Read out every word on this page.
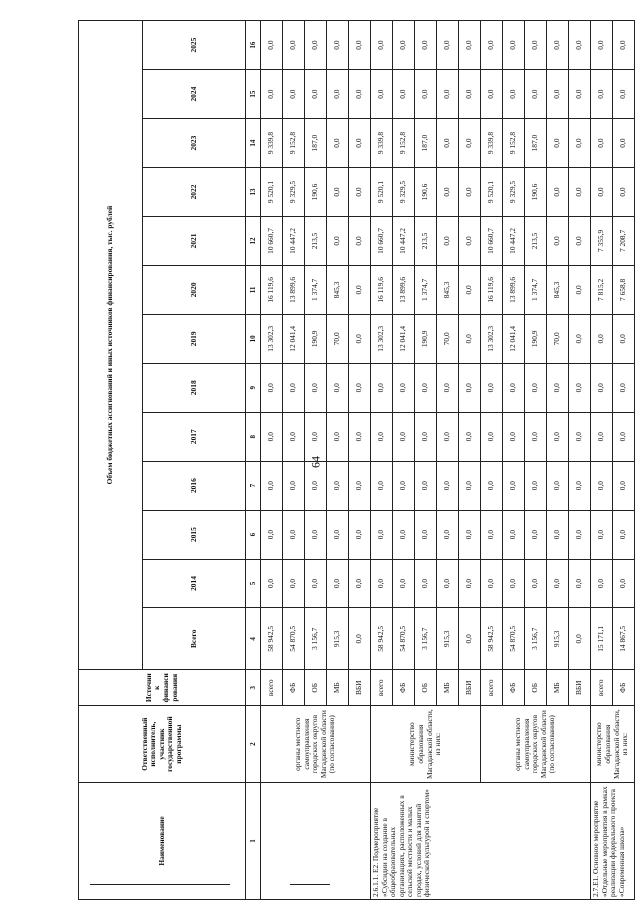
64
Наименование	Ответственный исполнитель, участник государственной программы	Источник финансирования	Объем бюджетных ассигнований и иных источников финансирования, тыс. рублей												
			Всего	2014	2015	2016	2017	2018	2019	2020	2021	2022	2023	2024	2025
1	2	3	4	5	6	7	8	9	10	11	12	13	14	15	16
	органы местного самоуправления городских округов Магаданской области (по согласованию)	всего	58 942,5	0,0	0,0	0,0	0,0	0,0	13 302,3	16 119,6	10 660,7	9 520,1	9 339,8	0,0	0,0
		ФБ	54 870,5	0,0	0,0	0,0	0,0	0,0	12 041,4	13 899,6	10 447,2	9 329,5	9 152,8	0,0	0,0
		ОБ	3 156,7	0,0	0,0	0,0	0,0	0,0	190,9	1 374,7	213,5	190,6	187,0	0,0	0,0
		МБ	915,3	0,0	0,0	0,0	0,0	0,0	70,0	845,3	0,0	0,0	0,0	0,0	0,0
		ВБИ	0,0	0,0	0,0	0,0	0,0	0,0	0,0	0,0	0,0	0,0	0,0	0,0	0,0
2.6.1.1. Е2. Подмероприятие «Субсидии на создание в общеобразовательных организациях, расположенных в сельской местности и малых городах, условий для занятий физической культурой и спортом»	министерство образования Магаданской области, из них:	всего	58 942,5	0,0	0,0	0,0	0,0	0,0	13 302,3	16 119,6	10 660,7	9 520,1	9 339,8	0,0	0,0
		ФБ	54 870,5	0,0	0,0	0,0	0,0	0,0	12 041,4	13 899,6	10 447,2	9 329,5	9 152,8	0,0	0,0
		ОБ	3 156,7	0,0	0,0	0,0	0,0	0,0	190,9	1 374,7	213,5	190,6	187,0	0,0	0,0
		МБ	915,3	0,0	0,0	0,0	0,0	0,0	70,0	845,3	0,0	0,0	0,0	0,0	0,0
		ВБИ	0,0	0,0	0,0	0,0	0,0	0,0	0,0	0,0	0,0	0,0	0,0	0,0	0,0
	органы местного самоуправления городских округов Магаданской области (по согласованию)	всего	58 942,5	0,0	0,0	0,0	0,0	0,0	13 302,3	16 119,6	10 660,7	9 520,1	9 339,8	0,0	0,0
		ФБ	54 870,5	0,0	0,0	0,0	0,0	0,0	12 041,4	13 899,6	10 447,2	9 329,5	9 152,8	0,0	0,0
		ОБ	3 156,7	0,0	0,0	0,0	0,0	0,0	190,9	1 374,7	213,5	190,6	187,0	0,0	0,0
		МБ	915,3	0,0	0,0	0,0	0,0	0,0	70,0	845,3	0,0	0,0	0,0	0,0	0,0
		ВБИ	0,0	0,0	0,0	0,0	0,0	0,0	0,0	0,0	0,0	0,0	0,0	0,0	0,0
2.7.Е1. Основное мероприятие «Отдельные мероприятия в рамках реализации федерального проекта «Современная школа»	министерство образования Магаданской области, из них:	всего	15 171,1	0,0	0,0	0,0	0,0	0,0	0,0	7 815,2	7 355,9	0,0	0,0	0,0	0,0
		ФБ	14 867,5	0,0	0,0	0,0	0,0	0,0	0,0	7 658,8	7 208,7	0,0	0,0	0,0	0,0
